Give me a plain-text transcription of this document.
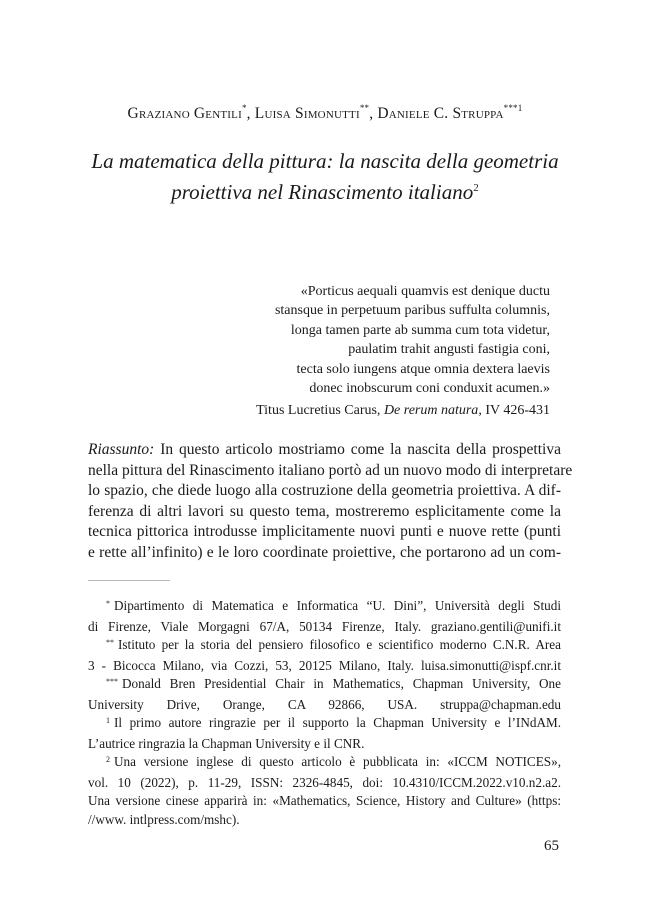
Graziano Gentili*, Luisa Simonutti**, Daniele C. Struppa$^{***1}$
La matematica della pittura: la nascita della geometria
proiettiva nel Rinascimento italiano$^2$
«Porticus aequali quamvis est denique ductu
stansque in perpetuum paribus suffulta columnis,
longa tamen parte ab summa cum tota videtur,
paulatim trahit angusti fastigia coni,
tecta solo iungens atque omnia dextera laevis
donec inobscurum coni conduxit acumen.»
Titus Lucretius Carus, De rerum natura, IV 426-431
Riassunto: In questo articolo mostriamo come la nascita della prospettiva
nella pittura del Rinascimento italiano portò ad un nuovo modo di interpretare
lo spazio, che diede luogo alla costruzione della geometria proiettiva. A dif-
ferenza di altri lavori su questo tema, mostreremo esplicitamente come la
tecnica pittorica introdusse implicitamente nuovi punti e nuove rette (punti
e rette all’infinito) e le loro coordinate proiettive, che portarono ad un com-
* Dipartimento di Matematica e Informatica “U. Dini”, Università degli Studi
di Firenze, Viale Morgagni 67/A, 50134 Firenze, Italy. graziano.gentili@unifi.it
** Istituto per la storia del pensiero filosofico e scientifico moderno C.N.R. Area
3 - Bicocca Milano, via Cozzi, 53, 20125 Milano, Italy. luisa.simonutti@ispf.cnr.it
*** Donald Bren Presidential Chair in Mathematics, Chapman University, One
University Drive, Orange, CA 92866, USA. struppa@chapman.edu
$^1$ Il primo autore ringrazie per il supporto la Chapman University e l’INdAM.
L’autrice ringrazia la Chapman University e il CNR.
$^2$ Una versione inglese di questo articolo è pubblicata in: «ICCM NOTICES»,
vol. 10 (2022), p. 11-29, ISSN: 2326-4845, doi: 10.4310/ICCM.2022.v10.n2.a2.
Una versione cinese apparirà in: «Mathematics, Science, History and Culture» (https:
//www. intlpress.com/mshc).
65
